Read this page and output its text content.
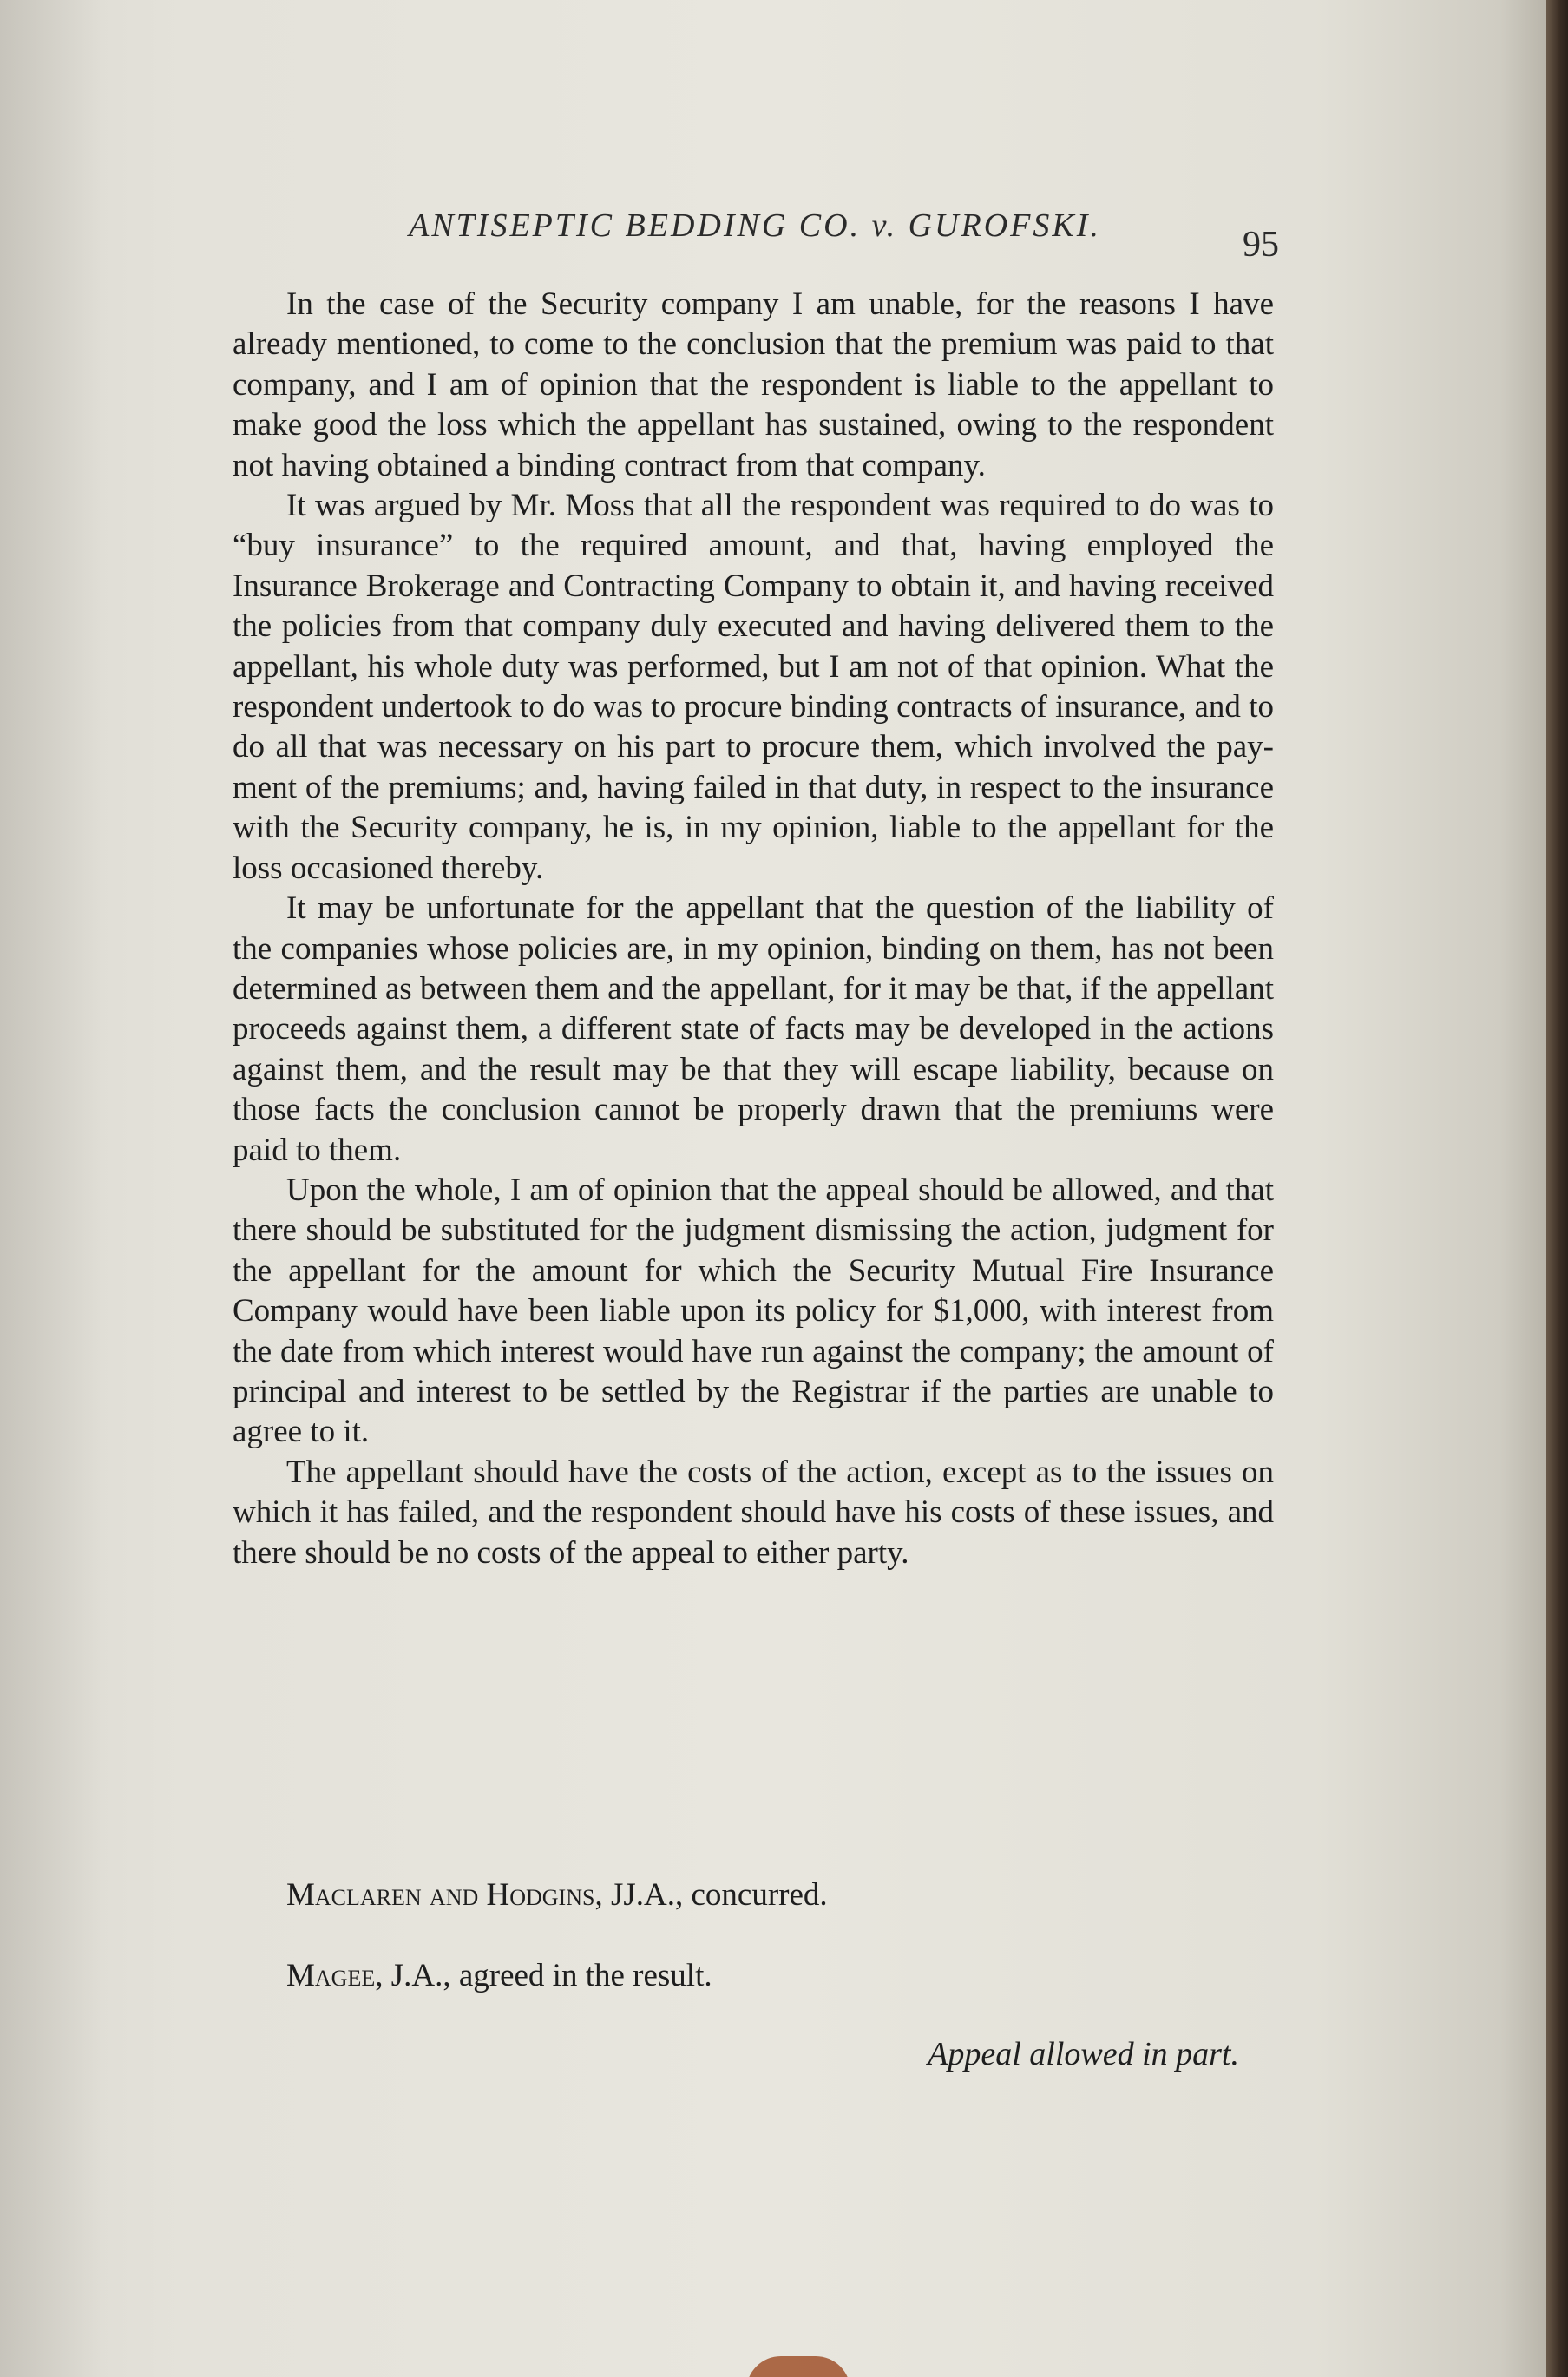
ANTISEPTIC BEDDING CO. v. GUROFSKI.	95

In the case of the Security company I am unable, for the reasons I have already mentioned, to come to the conclusion that the premium was paid to that company, and I am of opinion that the respondent is liable to the appellant to make good the loss which the appellant has sustained, owing to the respondent not having obtained a binding contract from that company.

It was argued by Mr. Moss that all the respondent was required to do was to “buy insurance” to the required amount, and that, having employed the Insurance Brokerage and Contracting Company to obtain it, and having received the policies from that company duly executed and having delivered them to the appellant, his whole duty was performed, but I am not of that opinion. What the respondent undertook to do was to procure binding contracts of insurance, and to do all that was necessary on his part to procure them, which involved the payment of the premiums; and, having failed in that duty, in respect to the insurance with the Security company, he is, in my opinion, liable to the appellant for the loss occasioned thereby.

It may be unfortunate for the appellant that the question of the liability of the companies whose policies are, in my opinion, binding on them, has not been determined as between them and the appellant, for it may be that, if the appellant proceeds against them, a different state of facts may be developed in the actions against them, and the result may be that they will escape liability, because on those facts the conclusion cannot be properly drawn that the premiums were paid to them.

Upon the whole, I am of opinion that the appeal should be allowed, and that there should be substituted for the judgment dismissing the action, judgment for the appellant for the amount for which the Security Mutual Fire Insurance Company would have been liable upon its policy for $1,000, with interest from the date from which interest would have run against the company; the amount of principal and interest to be settled by the Registrar if the parties are unable to agree to it.

The appellant should have the costs of the action, except as to the issues on which it has failed, and the respondent should have his costs of these issues, and there should be no costs of the appeal to either party.

Maclaren and Hodgins, JJ.A., concurred.
Magee, J.A., agreed in the result.
Appeal allowed in part.
